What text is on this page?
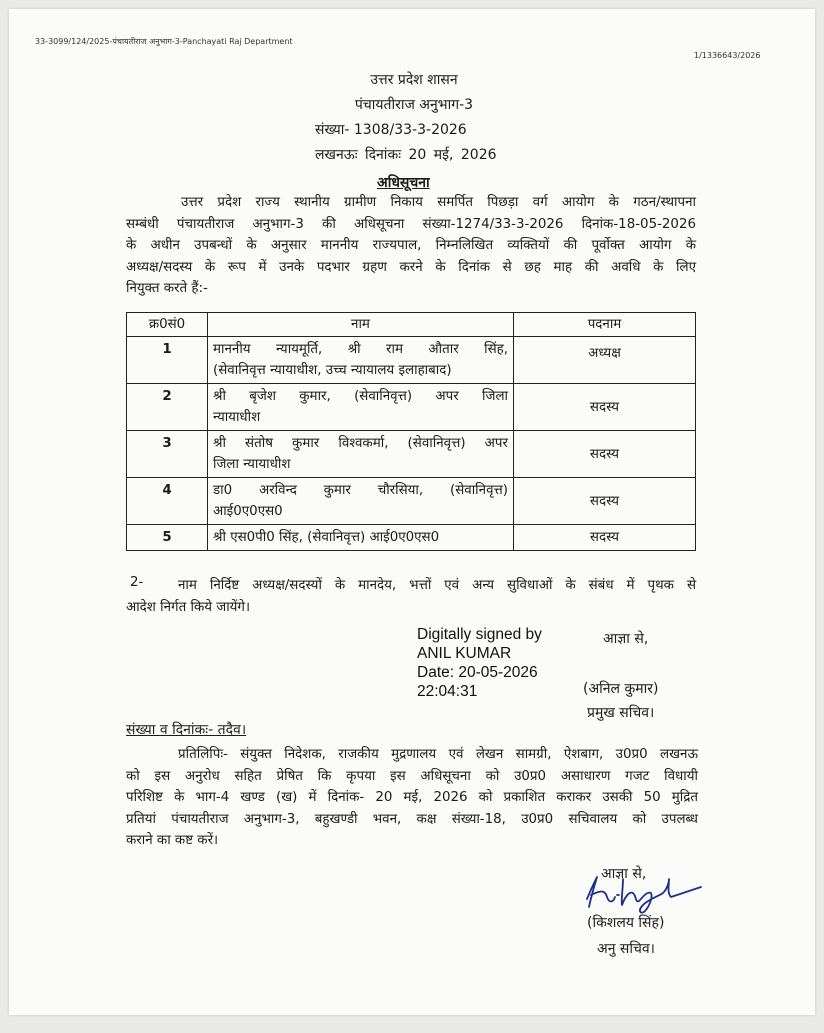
33-3099/124/2025-पंचायतीराज अनुभाग-3-Panchayati Raj Department
1/1336643/2026
उत्तर प्रदेश शासन
पंचायतीराज अनुभाग-3
संख्या- 1308/33-3-2026
लखनऊः दिनांकः 20 मई, 2026
अधिसूचना
उत्तर प्रदेश राज्य स्थानीय ग्रामीण निकाय समर्पित पिछड़ा वर्ग आयोग के गठन/स्थापना
सम्बंधी पंचायतीराज अनुभाग-3 की अधिसूचना संख्या-1274/33-3-2026 दिनांक-18-05-2026
के अधीन उपबन्धों के अनुसार माननीय राज्यपाल, निम्नलिखित व्यक्तियों की पूर्वोक्त आयोग के
अध्यक्ष/सदस्य के रूप में उनके पदभार ग्रहण करने के दिनांक से छह माह की अवधि के लिए
नियुक्त करते हैं:-
क्र0सं0	नाम	पदनाम
1	माननीय न्यायमूर्ति, श्री राम औतार सिंह,
(सेवानिवृत्त न्यायाधीश, उच्च न्यायालय इलाहाबाद)	अध्यक्ष
2	श्री बृजेश कुमार, (सेवानिवृत्त) अपर जिला
न्यायाधीश	सदस्य
3	श्री संतोष कुमार विश्वकर्मा, (सेवानिवृत्त) अपर
जिला न्यायाधीश	सदस्य
4	डा0 अरविन्द कुमार चौरसिया, (सेवानिवृत्त)
आई0ए0एस0	सदस्य
5	श्री एस0पी0 सिंह, (सेवानिवृत्त) आई0ए0एस0	सदस्य
2-	नाम निर्दिष्ट अध्यक्ष/सदस्यों के मानदेय, भत्तों एवं अन्य सुविधाओं के संबंध में पृथक से
आदेश निर्गत किये जायेंगे।
Digitally signed by
ANIL KUMAR
Date: 20-05-2026
22:04:31
आज्ञा से,
(अनिल कुमार)
प्रमुख सचिव।
संख्या व दिनांकः- तदैव।
प्रतिलिपिः- संयुक्त निदेशक, राजकीय मुद्रणालय एवं लेखन सामग्री, ऐशबाग, उ0प्र0 लखनऊ
को इस अनुरोध सहित प्रेषित कि कृपया इस अधिसूचना को उ0प्र0 असाधारण गजट विधायी
परिशिष्ट के भाग-4 खण्ड (ख) में दिनांक- 20 मई, 2026 को प्रकाशित कराकर उसकी 50 मुद्रित
प्रतियां पंचायतीराज अनुभाग-3, बहुखण्डी भवन, कक्ष संख्या-18, उ0प्र0 सचिवालय को उपलब्ध
कराने का कष्ट करें।
आज्ञा से,
(किशलय सिंह)
अनु सचिव।
